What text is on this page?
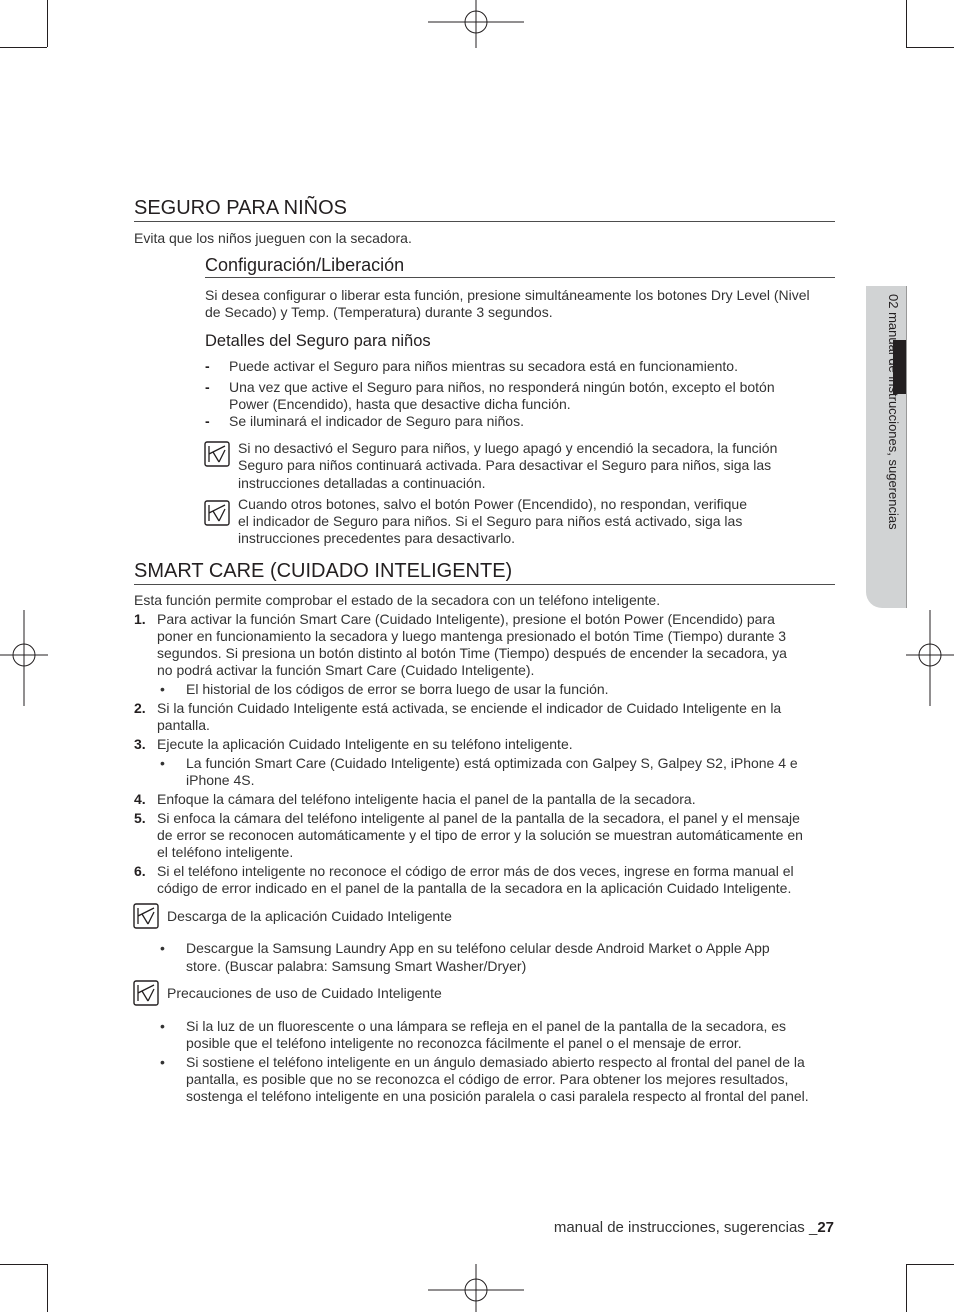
02 manual de instrucciones, sugerencias
SEGURO PARA NIÑOS
Evita que los niños jueguen con la secadora.
Configuración/Liberación
Si desea configurar o liberar esta función, presione simultáneamente los botones Dry Level (Nivel
de Secado) y Temp. (Temperatura) durante 3 segundos.
Detalles del Seguro para niños
- Puede activar el Seguro para niños mientras su secadora está en funcionamiento.
- Una vez que active el Seguro para niños, no responderá ningún botón, excepto el botón
Power (Encendido), hasta que desactive dicha función.
- Se iluminará el indicador de Seguro para niños.
Si no desactivó el Seguro para niños, y luego apagó y encendió la secadora, la función
Seguro para niños continuará activada. Para desactivar el Seguro para niños, siga las
instrucciones detalladas a continuación.
Cuando otros botones, salvo el botón Power (Encendido), no respondan, verifique
el indicador de Seguro para niños. Si el Seguro para niños está activado, siga las
instrucciones precedentes para desactivarlo.
SMART CARE (CUIDADO INTELIGENTE)
Esta función permite comprobar el estado de la secadora con un teléfono inteligente.
1. Para activar la función Smart Care (Cuidado Inteligente), presione el botón Power (Encendido) para
poner en funcionamiento la secadora y luego mantenga presionado el botón Time (Tiempo) durante 3
segundos. Si presiona un botón distinto al botón Time (Tiempo) después de encender la secadora, ya
no podrá activar la función Smart Care (Cuidado Inteligente).
• El historial de los códigos de error se borra luego de usar la función.
2. Si la función Cuidado Inteligente está activada, se enciende el indicador de Cuidado Inteligente en la
pantalla.
3. Ejecute la aplicación Cuidado Inteligente en su teléfono inteligente.
• La función Smart Care (Cuidado Inteligente) está optimizada con Galpey S, Galpey S2, iPhone 4 e
iPhone 4S.
4. Enfoque la cámara del teléfono inteligente hacia el panel de la pantalla de la secadora.
5. Si enfoca la cámara del teléfono inteligente al panel de la pantalla de la secadora, el panel y el mensaje
de error se reconocen automáticamente y el tipo de error y la solución se muestran automáticamente en
el teléfono inteligente.
6. Si el teléfono inteligente no reconoce el código de error más de dos veces, ingrese en forma manual el
código de error indicado en el panel de la pantalla de la secadora en la aplicación Cuidado Inteligente.
Descarga de la aplicación Cuidado Inteligente
• Descargue la Samsung Laundry App en su teléfono celular desde Android Market o Apple App
store. (Buscar palabra: Samsung Smart Washer/Dryer)
Precauciones de uso de Cuidado Inteligente
• Si la luz de un fluorescente o una lámpara se refleja en el panel de la pantalla de la secadora, es
posible que el teléfono inteligente no reconozca fácilmente el panel o el mensaje de error.
• Si sostiene el teléfono inteligente en un ángulo demasiado abierto respecto al frontal del panel de la
pantalla, es posible que no se reconozca el código de error. Para obtener los mejores resultados,
sostenga el teléfono inteligente en una posición paralela o casi paralela respecto al frontal del panel.
manual de instrucciones, sugerencias _27
